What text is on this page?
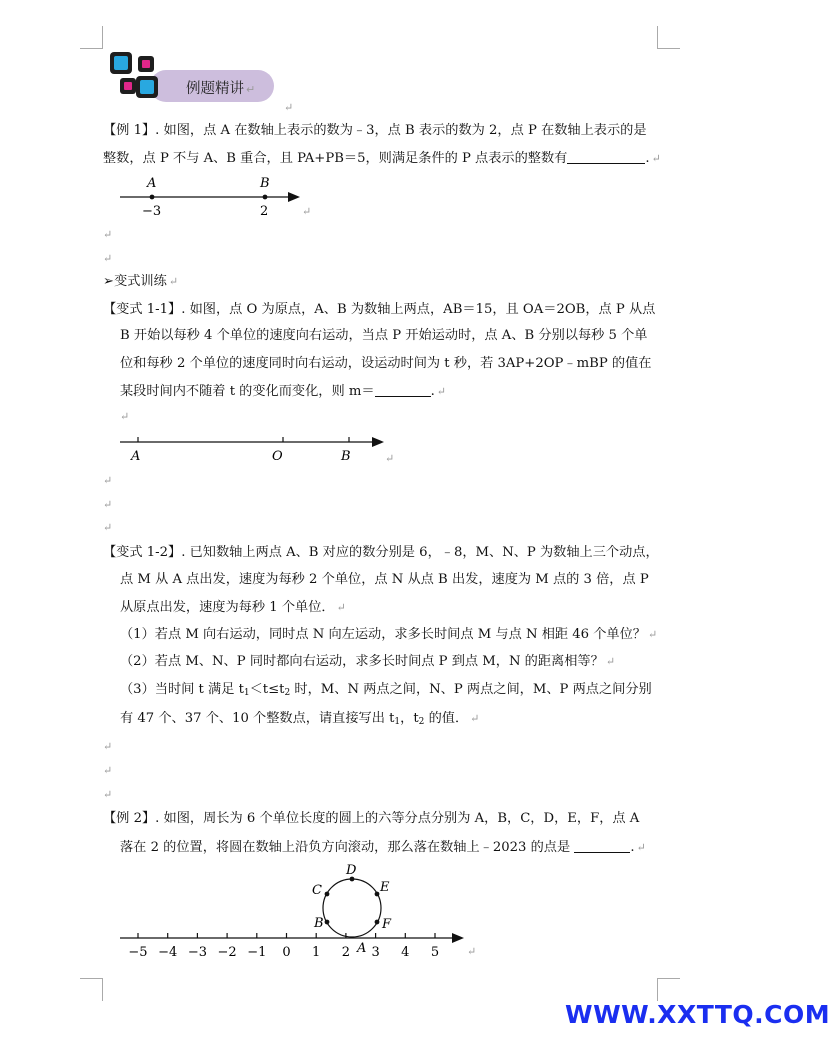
例题精讲 ↵
↵
【例 1】. 如图，点 A 在数轴上表示的数为﹣3，点 B 表示的数为 2，点 P 在数轴上表示的是
整数，点 P 不与 A、B 重合，且 PA+PB＝5，则满足条件的 P 点表示的整数有	. ↵
A	B
−3	2	↵
↵
↵
➢变式训练 ↵
【变式 1-1】. 如图，点 O 为原点，A、B 为数轴上两点，AB＝15，且 OA＝2OB，点 P 从点
B 开始以每秒 4 个单位的速度向右运动，当点 P 开始运动时，点 A、B 分别以每秒 5 个单
位和每秒 2 个单位的速度同时向右运动，设运动时间为 t 秒，若 3AP+2OP﹣mBP 的值在
某段时间内不随着 t 的变化而变化，则 m＝	. ↵
↵
A	O	B	↵
↵
↵
↵
【变式 1-2】. 已知数轴上两点 A、B 对应的数分别是 6，﹣8，M、N、P 为数轴上三个动点，
点 M 从 A 点出发，速度为每秒 2 个单位，点 N 从点 B 出发，速度为 M 点的 3 倍，点 P
从原点出发，速度为每秒 1 个单位． ↵
（1）若点 M 向右运动，同时点 N 向左运动，求多长时间点 M 与点 N 相距 46 个单位？ ↵
（2）若点 M、N、P 同时都向右运动，求多长时间点 P 到点 M，N 的距离相等？ ↵
（3）当时间 t 满足 $t_1<t\le t_2$ 时，M、N 两点之间，N、P 两点之间，M、P 两点之间分别
有 47 个、37 个、10 个整数点，请直接写出 $t_1$，$t_2$ 的值． ↵
↵
↵
↵
【例 2】. 如图，周长为 6 个单位长度的圆上的六等分点分别为 A，B，C，D，E，F，点 A
落在 2 的位置，将圆在数轴上沿负方向滚动，那么落在数轴上﹣2023 的点是	. ↵
−5 −4 −3 −2 −1 0 1 2 3 4 5
D
C	E
B	F
A	↵
WWW.XXTTQ.COM
